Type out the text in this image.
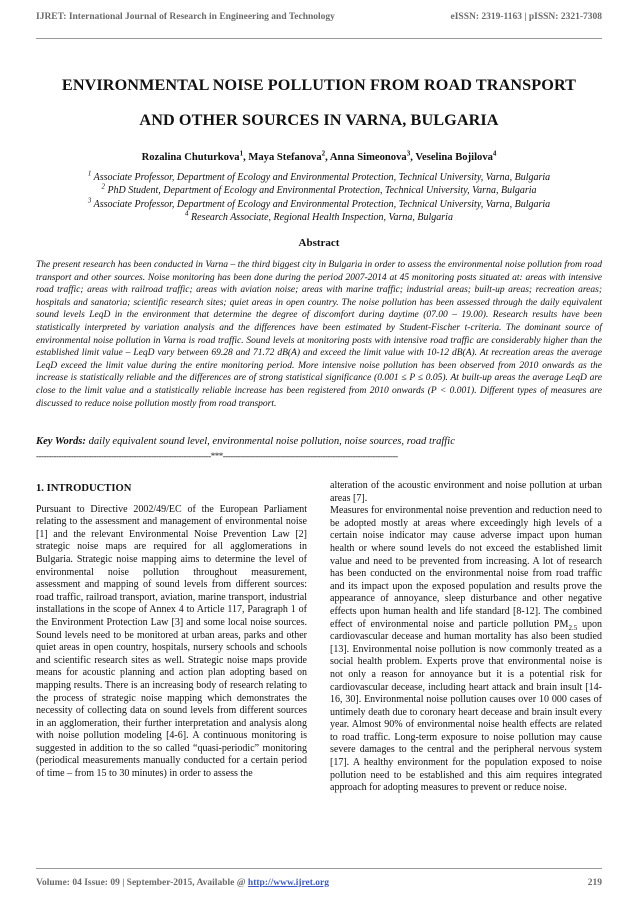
IJRET: International Journal of Research in Engineering and Technology	eISSN: 2319-1163 | pISSN: 2321-7308
ENVIRONMENTAL NOISE POLLUTION FROM ROAD TRANSPORT
AND OTHER SOURCES IN VARNA, BULGARIA
Rozalina Chuturkova$^1$, Maya Stefanova$^2$, Anna Simeonova$^3$, Veselina Bojilova$^4$
$^1$ Associate Professor, Department of Ecology and Environmental Protection, Technical University, Varna, Bulgaria
$^2$ PhD Student, Department of Ecology and Environmental Protection, Technical University, Varna, Bulgaria
$^3$ Associate Professor, Department of Ecology and Environmental Protection, Technical University, Varna, Bulgaria
$^4$ Research Associate, Regional Health Inspection, Varna, Bulgaria
Abstract
The present research has been conducted in Varna – the third biggest city in Bulgaria in order to assess the environmental noise pollution from road transport and other sources. Noise monitoring has been done during the period 2007-2014 at 45 monitoring posts situated at: areas with intensive road traffic; areas with railroad traffic; areas with aviation noise; areas with marine traffic; industrial areas; built-up areas; recreation areas; hospitals and sanatoria; scientific research sites; quiet areas in open country. The noise pollution has been assessed through the daily equivalent sound levels LeqD in the environment that determine the degree of discomfort during daytime (07.00 – 19.00). Research results have been statistically interpreted by variation analysis and the differences have been estimated by Student-Fischer t-criteria. The dominant source of environmental noise pollution in Varna is road traffic. Sound levels at monitoring posts with intensive road traffic are considerably higher than the established limit value – LeqD vary between 69.28 and 71.72 dB(A) and exceed the limit value with 10-12 dB(A). At recreation areas the average LeqD exceed the limit value during the entire monitoring period. More intensive noise pollution has been observed from 2010 onwards as the increase is statistically reliable and the differences are of strong statistical significance (0.001 ≤ P ≤ 0.05). At built-up areas the average LeqD are close to the limit value and a statistically reliable increase has been registered from 2010 onwards (P < 0.001). Different types of measures are discussed to reduce noise pollution mostly from road transport.
Key Words: daily equivalent sound level, environmental noise pollution, noise sources, road traffic
----------------------------------------------------------------------***----------------------------------------------------------------------
1. INTRODUCTION

Pursuant to Directive 2002/49/EC of the European Parliament relating to the assessment and management of environmental noise [1] and the relevant Environmental Noise Prevention Law [2] strategic noise maps are required for all agglomerations in Bulgaria. Strategic noise mapping aims to determine the level of environmental noise pollution throughout measurement, assessment and mapping of sound levels from different sources: road traffic, railroad transport, aviation, marine transport, industrial installations in the scope of Annex 4 to Article 117, Paragraph 1 of the Environment Protection Law [3] and some local noise sources. Sound levels need to be monitored at urban areas, parks and other quiet areas in open country, hospitals, nursery schools and schools and scientific research sites as well. Strategic noise maps provide means for acoustic planning and action plan adopting based on mapping results. There is an increasing body of research relating to the process of strategic noise mapping which demonstrates the necessity of collecting data on sound levels from different sources in an agglomeration, their further interpretation and analysis along with noise pollution modeling [4-6]. A continuous monitoring is suggested in addition to the so called “quasi-periodic” monitoring (periodical measurements manually conducted for a certain period of time – from 15 to 30 minutes) in order to assess the

alteration of the acoustic environment and noise pollution at urban areas [7].

Measures for environmental noise prevention and reduction need to be adopted mostly at areas where exceedingly high levels of a certain noise indicator may cause adverse impact upon human health or where sound levels do not exceed the established limit value and need to be prevented from increasing. A lot of research has been conducted on the environmental noise from road traffic and its impact upon the exposed population and results prove the appearance of annoyance, sleep disturbance and other negative effects upon human health and life standard [8-12]. The combined effect of environmental noise and particle pollution $PM_{2.5}$ upon cardiovascular decease and human mortality has also been studied [13]. Environmental noise pollution is now commonly treated as a social health problem. Experts prove that environmental noise is not only a reason for annoyance but it is a potential risk for cardiovascular decease, including heart attack and brain insult [14-16, 30]. Environmental noise pollution causes over 10 000 cases of untimely death due to coronary heart decease and brain insult every year. Almost 90% of environmental noise health effects are related to road traffic. Long-term exposure to noise pollution may cause severe damages to the central and the peripheral nervous system [17]. A healthy environment for the population exposed to noise pollution need to be established and this aim requires integrated approach for adopting measures to prevent or reduce noise.

Volume: 04 Issue: 09 | September-2015, Available @ http://www.ijret.org	219
